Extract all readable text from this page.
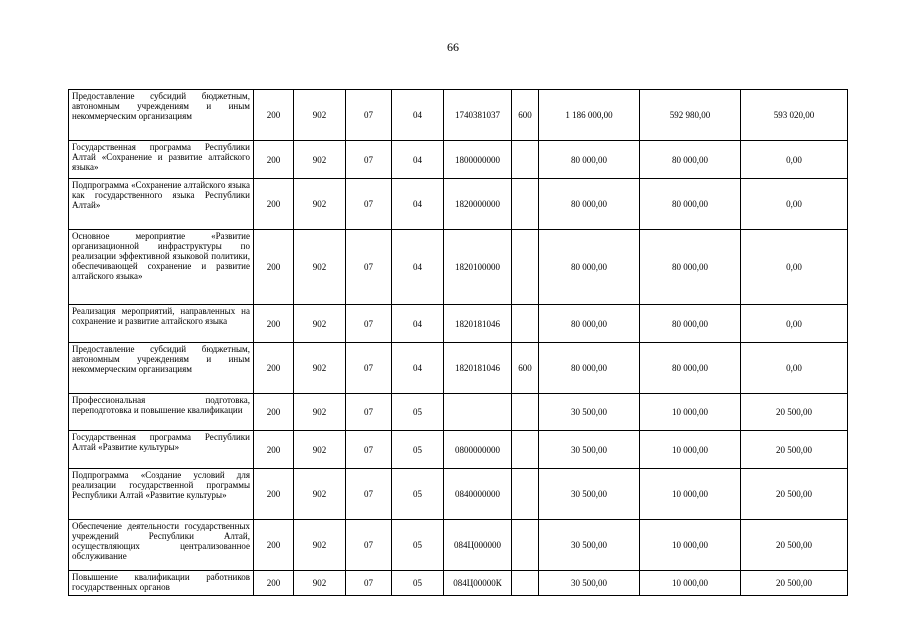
66
Предоставление субсидий бюджетным, автономным учреждениям и иным некоммерческим организациям	200	902	07	04	1740381037	600	1 186 000,00	592 980,00	593 020,00
Государственная программа Республики Алтай «Сохранение и развитие алтайского языка»	200	902	07	04	1800000000		80 000,00	80 000,00	0,00
Подпрограмма «Сохранение алтайского языка как государственного языка Республики Алтай»	200	902	07	04	1820000000		80 000,00	80 000,00	0,00
Основное мероприятие «Развитие организационной инфраструктуры по реализации эффективной языковой политики, обеспечивающей сохранение и развитие алтайского языка»	200	902	07	04	1820100000		80 000,00	80 000,00	0,00
Реализация мероприятий, направленных на сохранение и развитие алтайского языка	200	902	07	04	1820181046		80 000,00	80 000,00	0,00
Предоставление субсидий бюджетным, автономным учреждениям и иным некоммерческим организациям	200	902	07	04	1820181046	600	80 000,00	80 000,00	0,00
Профессиональная подготовка, переподготовка и повышение квалификации	200	902	07	05			30 500,00	10 000,00	20 500,00
Государственная программа Республики Алтай «Развитие культуры»	200	902	07	05	0800000000		30 500,00	10 000,00	20 500,00
Подпрограмма «Создание условий для реализации государственной программы Республики Алтай «Развитие культуры»	200	902	07	05	0840000000		30 500,00	10 000,00	20 500,00
Обеспечение деятельности государственных учреждений Республики Алтай, осуществляющих централизованное обслуживание	200	902	07	05	084Ц000000		30 500,00	10 000,00	20 500,00
Повышение квалификации работников государственных органов	200	902	07	05	084Ц00000К		30 500,00	10 000,00	20 500,00
